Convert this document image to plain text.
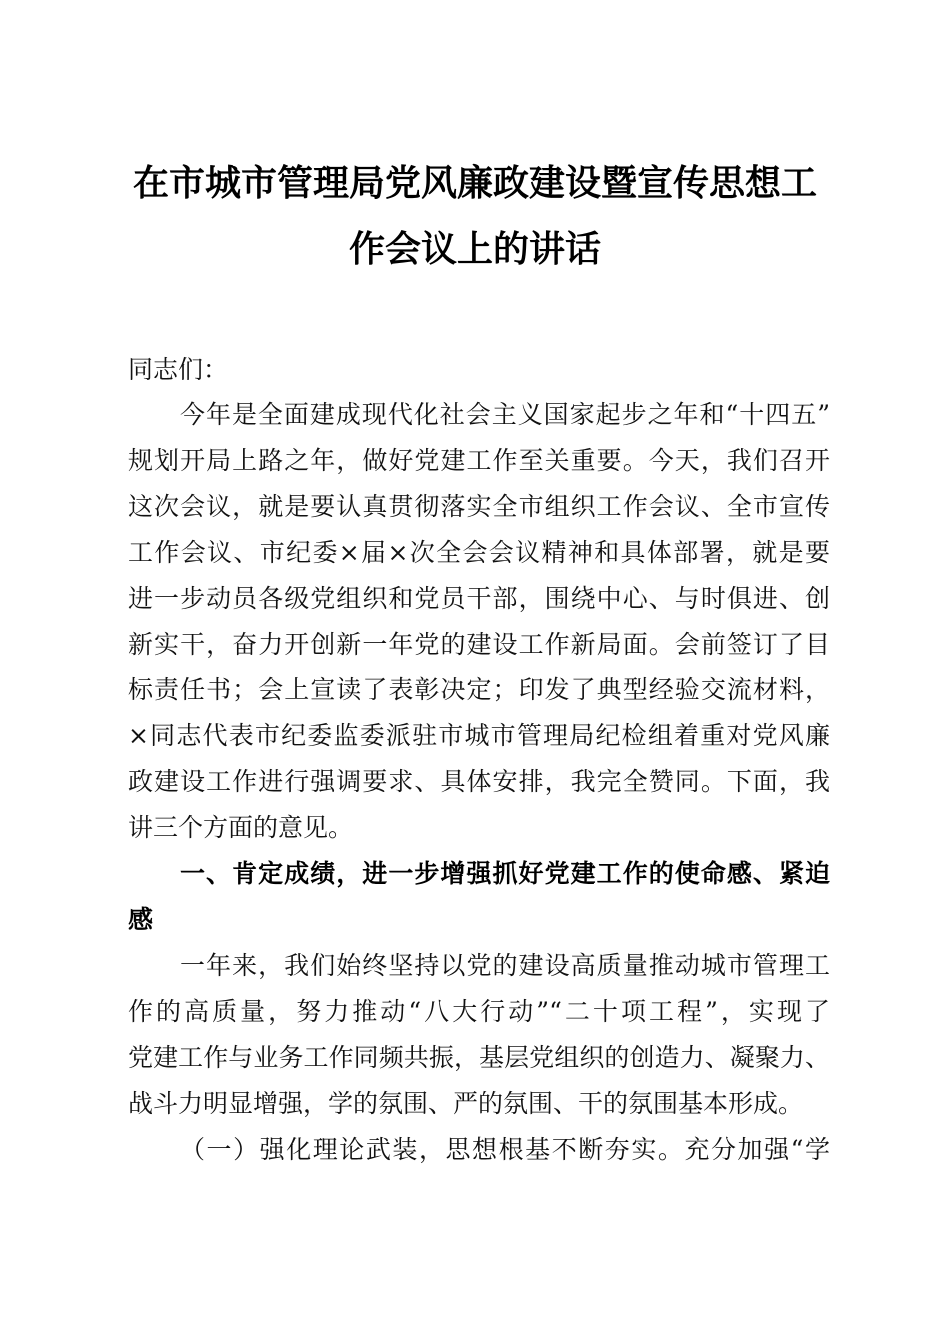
在市城市管理局党风廉政建设暨宣传思想工
作会议上的讲话
同志们：
今年是全面建成现代化社会主义国家起步之年和“十四五”
规划开局上路之年，做好党建工作至关重要。今天，我们召开
这次会议，就是要认真贯彻落实全市组织工作会议、全市宣传
工作会议、市纪委×届×次全会会议精神和具体部署，就是要
进一步动员各级党组织和党员干部，围绕中心、与时俱进、创
新实干，奋力开创新一年党的建设工作新局面。会前签订了目
标责任书；会上宣读了表彰决定；印发了典型经验交流材料，
×同志代表市纪委监委派驻市城市管理局纪检组着重对党风廉
政建设工作进行强调要求、具体安排，我完全赞同。下面，我
讲三个方面的意见。
一、肯定成绩，进一步增强抓好党建工作的使命感、紧迫
感
一年来，我们始终坚持以党的建设高质量推动城市管理工
作的高质量，努力推动“八大行动”“二十项工程”，实现了
党建工作与业务工作同频共振，基层党组织的创造力、凝聚力、
战斗力明显增强，学的氛围、严的氛围、干的氛围基本形成。
（一）强化理论武装，思想根基不断夯实。充分加强“学
